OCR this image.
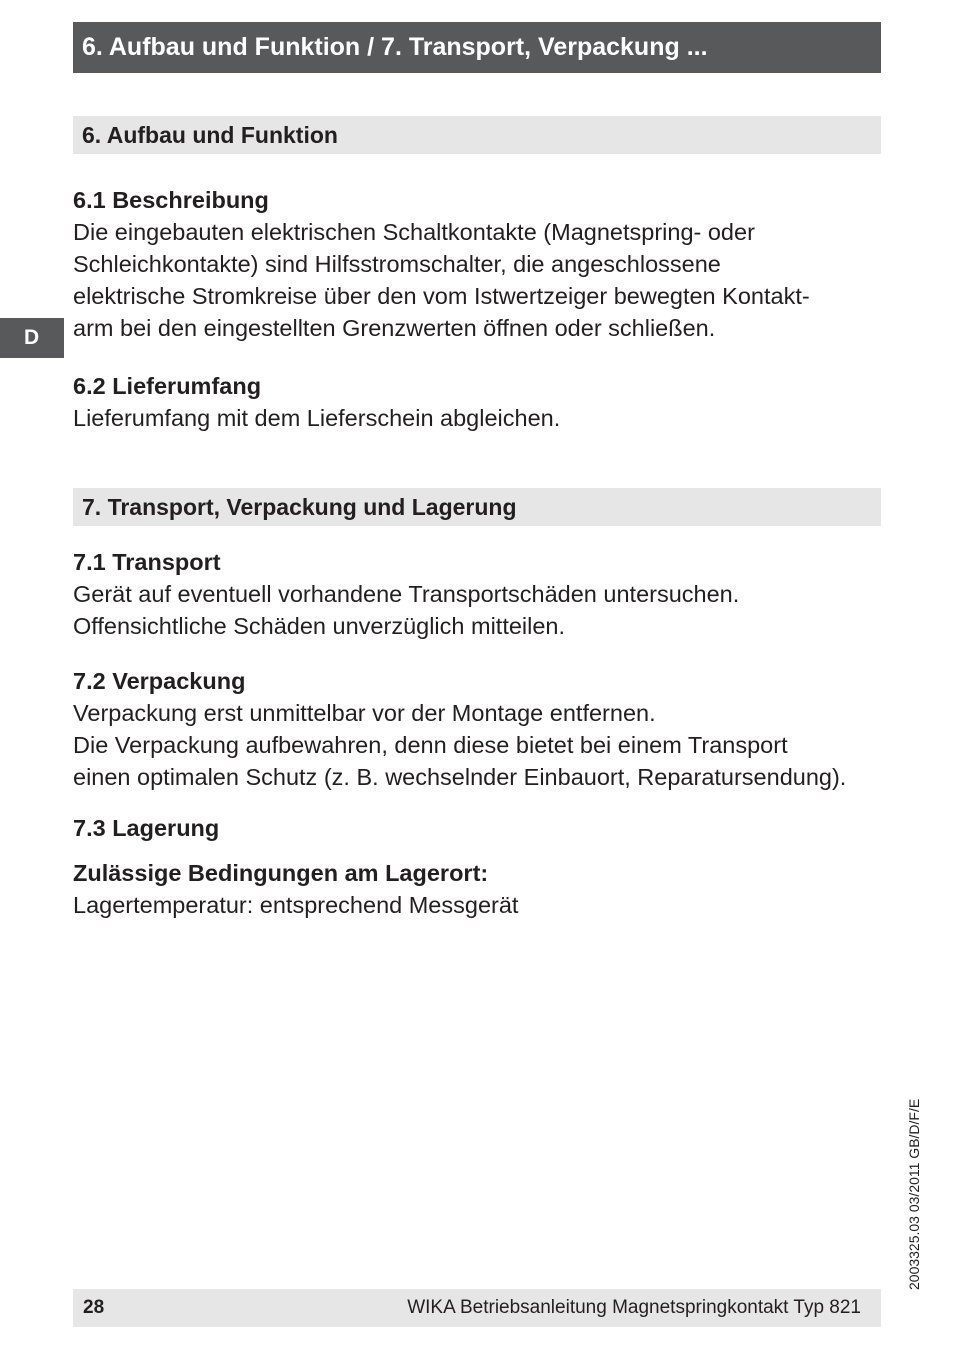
6. Aufbau und Funktion / 7. Transport, Verpackung ...
D
6. Aufbau und Funktion
6.1 Beschreibung
Die eingebauten elektrischen Schaltkontakte (Magnetspring- oder
Schleichkontakte) sind Hilfsstromschalter, die angeschlossene
elektrische Stromkreise über den vom Istwertzeiger bewegten Kontakt-
arm bei den eingestellten Grenzwerten öffnen oder schließen.
6.2 Lieferumfang
Lieferumfang mit dem Lieferschein abgleichen.
7. Transport, Verpackung und Lagerung
7.1 Transport
Gerät auf eventuell vorhandene Transportschäden untersuchen.
Offensichtliche Schäden unverzüglich mitteilen.
7.2 Verpackung
Verpackung erst unmittelbar vor der Montage entfernen.
Die Verpackung aufbewahren, denn diese bietet bei einem Transport
einen optimalen Schutz (z. B. wechselnder Einbauort, Reparatursendung).
7.3 Lagerung
Zulässige Bedingungen am Lagerort:
Lagertemperatur: entsprechend Messgerät
2003325.03 03/2011 GB/D/F/E
28	WIKA Betriebsanleitung Magnetspringkontakt Typ 821
